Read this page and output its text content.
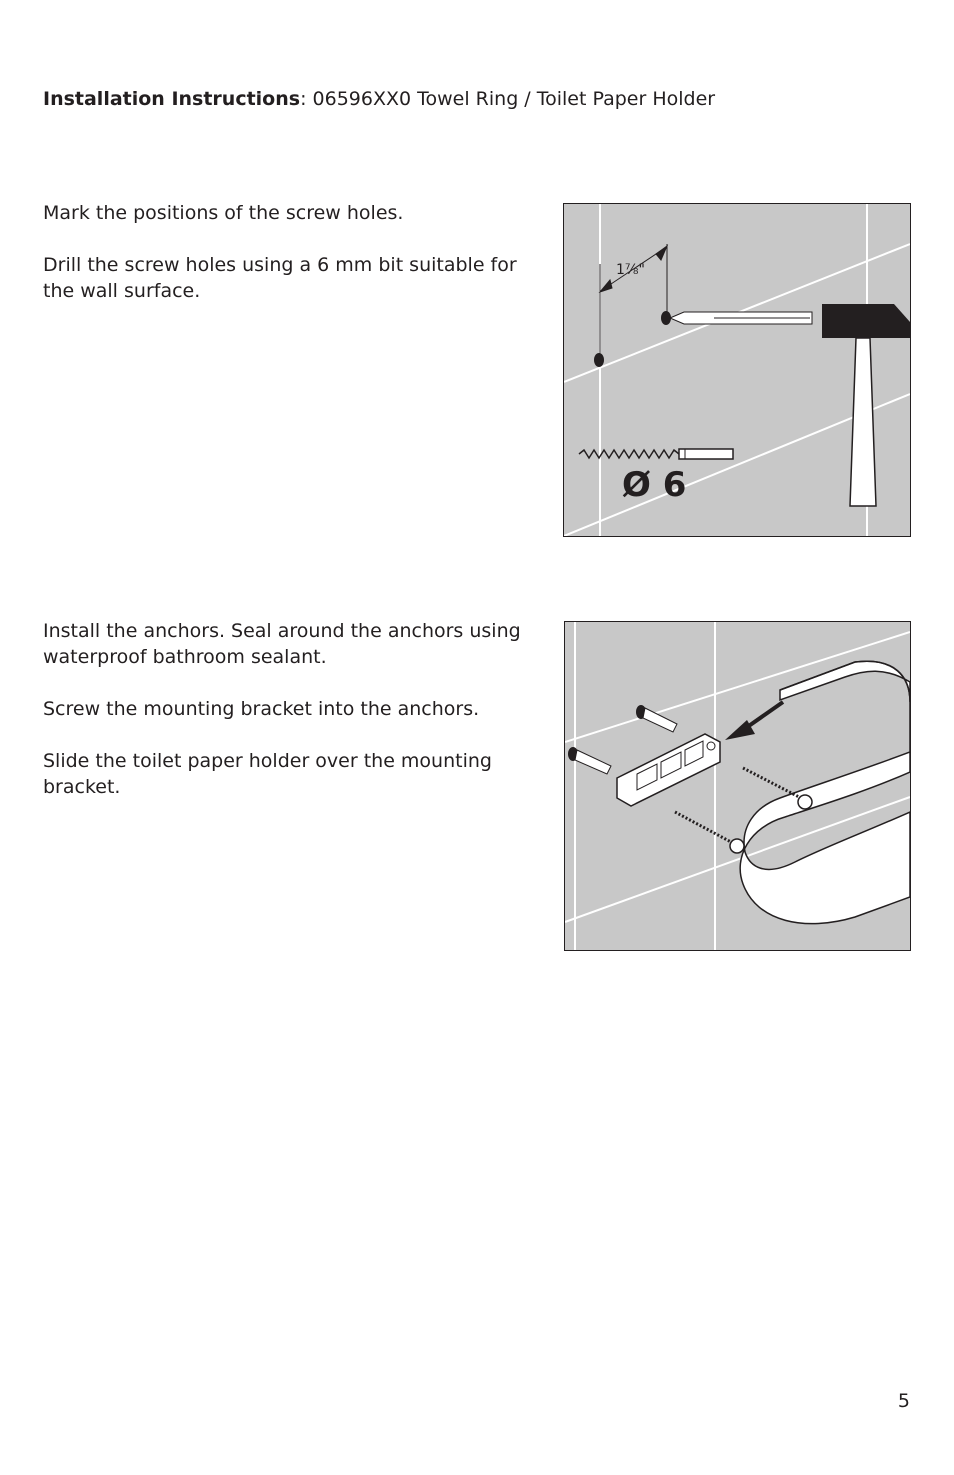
Installation Instructions: 06596XX0 Towel Ring / Toilet Paper Holder

Mark the positions of the screw holes.

Drill the screw holes using a 6 mm bit suitable for the wall surface.

1⁷⁄₈"
Ø 6

Install the anchors. Seal around the anchors using waterproof bathroom sealant.

Screw the mounting bracket into the anchors.

Slide the toilet paper holder over the mounting bracket.

5
